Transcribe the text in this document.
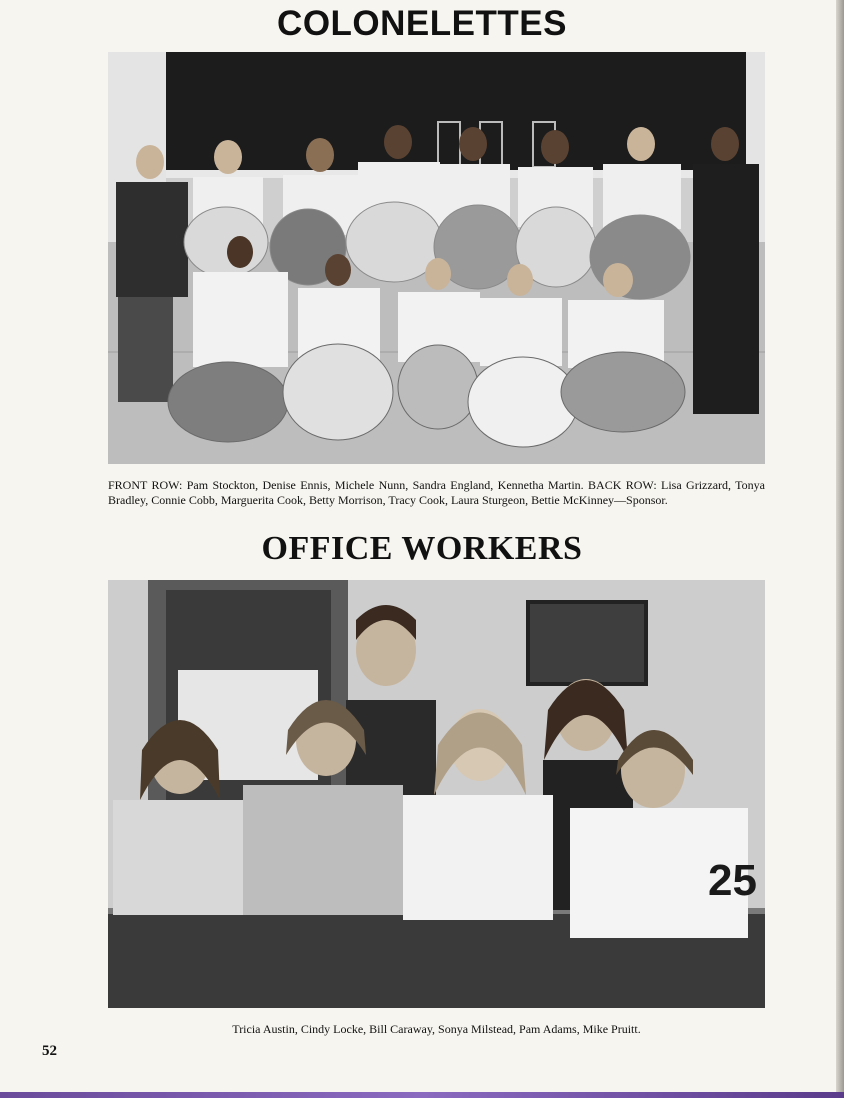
COLONELETTES
FRONT ROW: Pam Stockton, Denise Ennis, Michele Nunn, Sandra England, Kennetha Martin. BACK ROW: Lisa Grizzard, Tonya Bradley, Connie Cobb, Marguerita Cook, Betty Morrison, Tracy Cook, Laura Sturgeon, Bettie McKinney—Sponsor.
OFFICE WORKERS
25
Tricia Austin, Cindy Locke, Bill Caraway, Sonya Milstead, Pam Adams, Mike Pruitt.
52
